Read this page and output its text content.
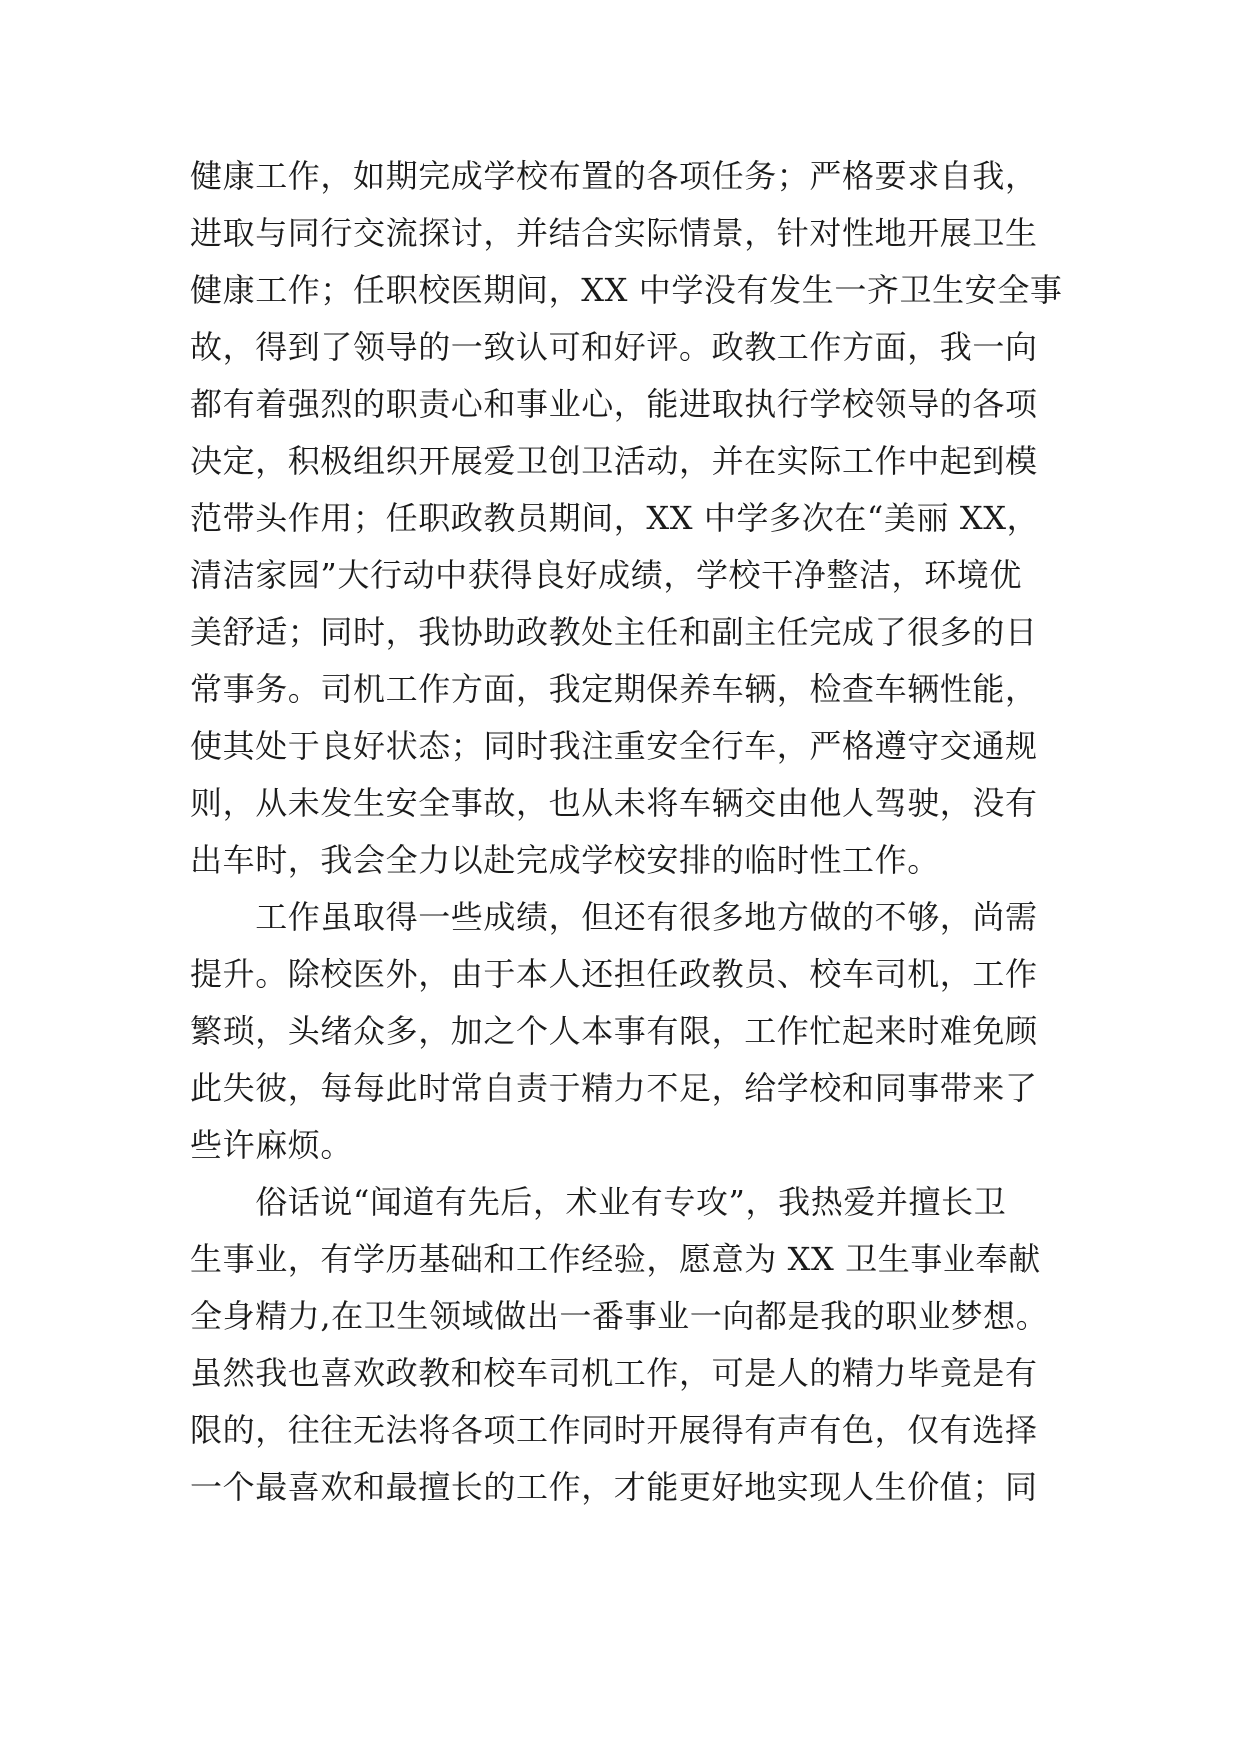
健康工作，如期完成学校布置的各项任务；严格要求自我，
进取与同行交流探讨，并结合实际情景，针对性地开展卫生
健康工作；任职校医期间，XX 中学没有发生一齐卫生安全事
故，得到了领导的一致认可和好评。政教工作方面，我一向
都有着强烈的职责心和事业心，能进取执行学校领导的各项
决定，积极组织开展爱卫创卫活动，并在实际工作中起到模
范带头作用；任职政教员期间，XX 中学多次在“美丽 XX，
清洁家园”大行动中获得良好成绩，学校干净整洁，环境优
美舒适；同时，我协助政教处主任和副主任完成了很多的日
常事务。司机工作方面，我定期保养车辆，检查车辆性能，
使其处于良好状态；同时我注重安全行车，严格遵守交通规
则，从未发生安全事故，也从未将车辆交由他人驾驶，没有
出车时，我会全力以赴完成学校安排的临时性工作。
　　工作虽取得一些成绩，但还有很多地方做的不够，尚需
提升。除校医外，由于本人还担任政教员、校车司机，工作
繁琐，头绪众多，加之个人本事有限，工作忙起来时难免顾
此失彼，每每此时常自责于精力不足，给学校和同事带来了
些许麻烦。
　　俗话说“闻道有先后，术业有专攻”，我热爱并擅长卫
生事业，有学历基础和工作经验，愿意为 XX 卫生事业奉献
全身精力,在卫生领域做出一番事业一向都是我的职业梦想。
虽然我也喜欢政教和校车司机工作，可是人的精力毕竟是有
限的，往往无法将各项工作同时开展得有声有色，仅有选择
一个最喜欢和最擅长的工作，才能更好地实现人生价值；同
